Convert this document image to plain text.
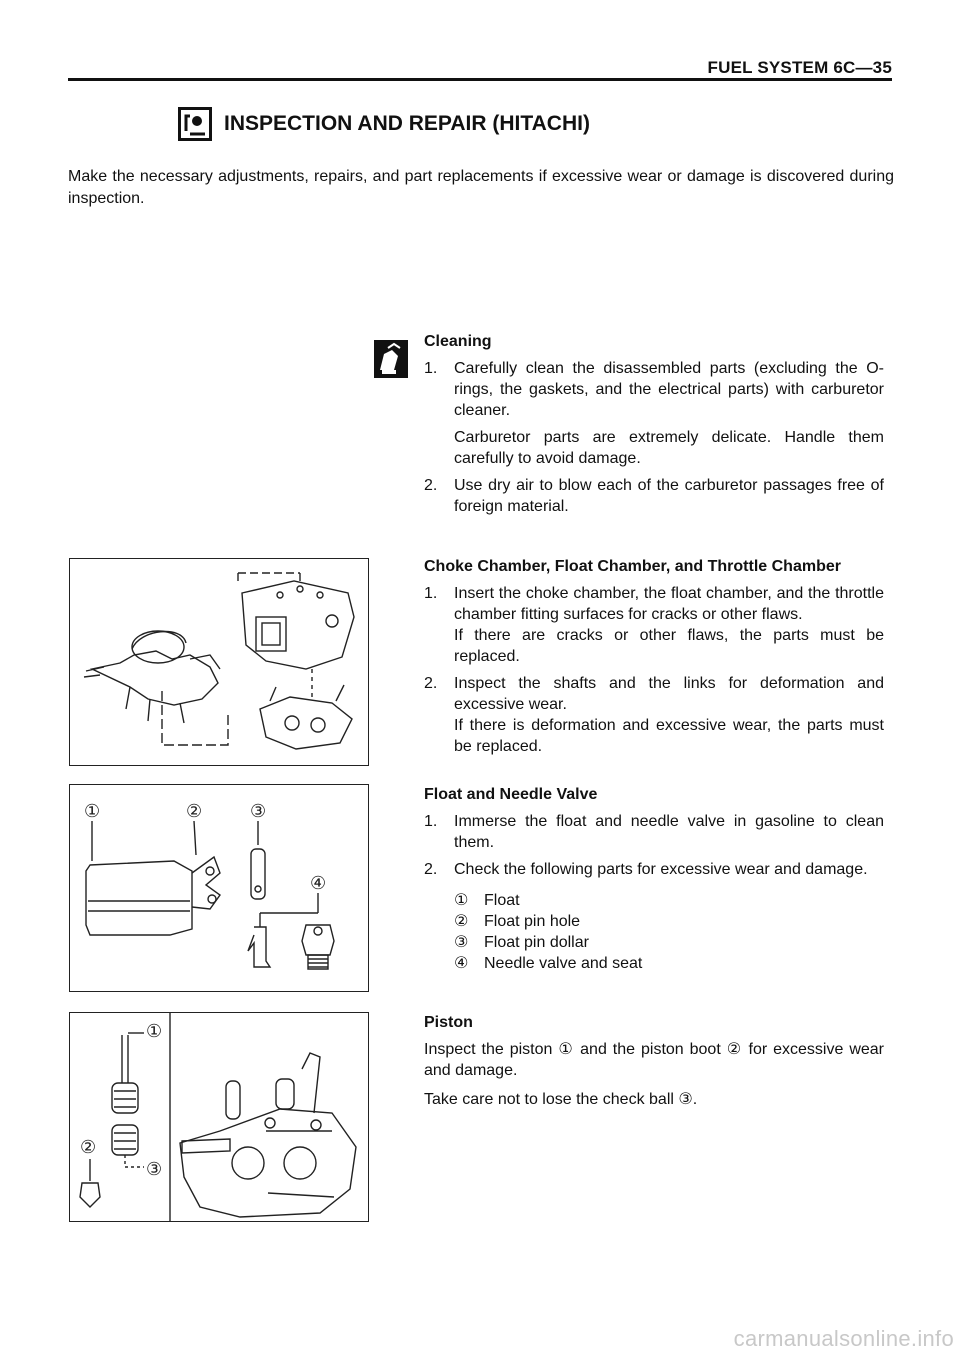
FUEL SYSTEM 6C—35
INSPECTION AND REPAIR (HITACHI)
Make the necessary adjustments, repairs, and part replacements if excessive wear or damage is discovered during inspection.
Cleaning
1.	Carefully clean the disassembled parts (excluding the O-rings, the gaskets, and the electrical parts) with carburetor cleaner.
Carburetor parts are extremely delicate. Handle them carefully to avoid damage.
2.	Use dry air to blow each of the carburetor passages free of foreign material.
Choke Chamber, Float Chamber, and Throttle Chamber
1.	Insert the choke chamber, the float chamber, and the throttle chamber fitting surfaces for cracks or other flaws.
If there are cracks or other flaws, the parts must be replaced.
2.	Inspect the shafts and the links for deformation and excessive wear.
If there is deformation and excessive wear, the parts must be replaced.
Float and Needle Valve
1.	Immerse the float and needle valve in gasoline to clean them.
2.	Check the following parts for excessive wear and damage.
① Float
② Float pin hole
③ Float pin dollar
④ Needle valve and seat
Piston
Inspect the piston ① and the piston boot ② for excessive wear and damage.
Take care not to lose the check ball ③.
①	②	③
④
①
②
③
carmanualsonline.info
